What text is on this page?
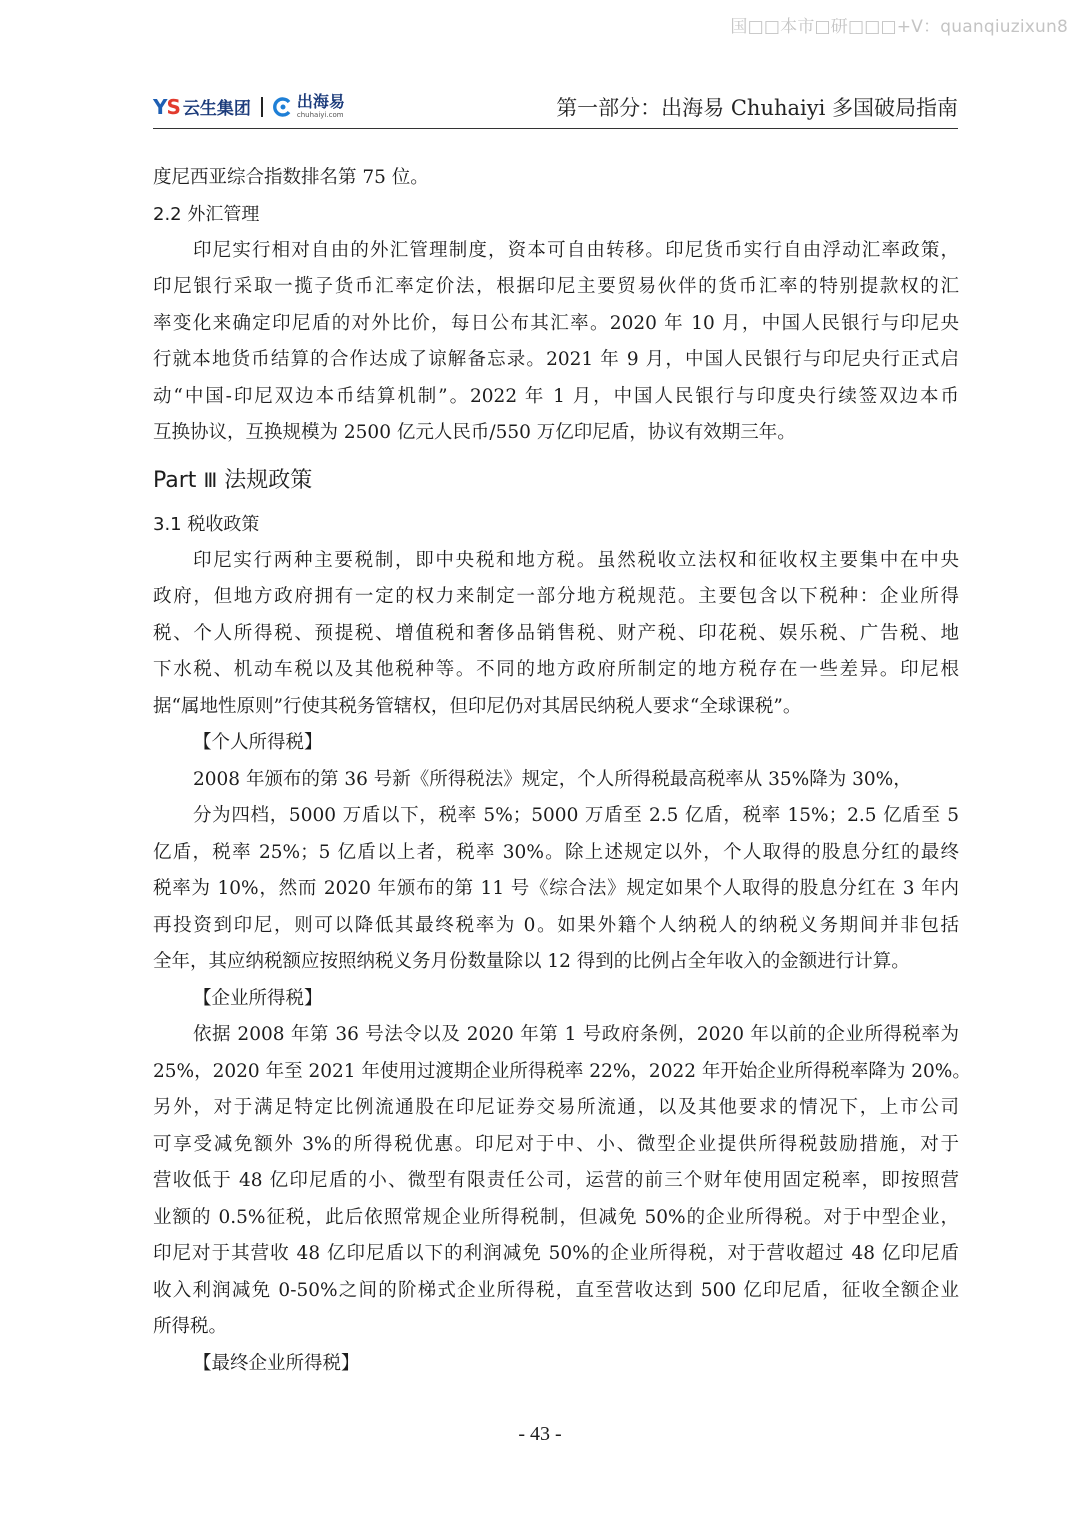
国□□本市□研□□□+V：quanqiuzixun8
YS 云生集团	出海易
chuhaiyi.com	第一部分：出海易 Chuhaiyi 多国破局指南

度尼西亚综合指数排名第 75 位。

2.2 外汇管理

印尼实行相对自由的外汇管理制度，资本可自由转移。印尼货币实行自由浮动汇率政策，

印尼银行采取一揽子货币汇率定价法，根据印尼主要贸易伙伴的货币汇率的特别提款权的汇

率变化来确定印尼盾的对外比价，每日公布其汇率。2020 年 10 月，中国人民银行与印尼央

行就本地货币结算的合作达成了谅解备忘录。2021 年 9 月，中国人民银行与印尼央行正式启

动“中国-印尼双边本币结算机制”。2022 年 1 月，中国人民银行与印度央行续签双边本币

互换协议，互换规模为 2500 亿元人民币/550 万亿印尼盾，协议有效期三年。

Part Ⅲ 法规政策

3.1 税收政策

印尼实行两种主要税制，即中央税和地方税。虽然税收立法权和征收权主要集中在中央

政府，但地方政府拥有一定的权力来制定一部分地方税规范。主要包含以下税种：企业所得

税、个人所得税、预提税、增值税和奢侈品销售税、财产税、印花税、娱乐税、广告税、地

下水税、机动车税以及其他税种等。不同的地方政府所制定的地方税存在一些差异。印尼根

据“属地性原则”行使其税务管辖权，但印尼仍对其居民纳税人要求“全球课税”。

【个人所得税】

2008 年颁布的第 36 号新《所得税法》规定，个人所得税最高税率从 35%降为 30%，

分为四档，5000 万盾以下，税率 5%；5000 万盾至 2.5 亿盾，税率 15%；2.5 亿盾至 5

亿盾，税率 25%；5 亿盾以上者，税率 30%。除上述规定以外，个人取得的股息分红的最终

税率为 10%，然而 2020 年颁布的第 11 号《综合法》规定如果个人取得的股息分红在 3 年内

再投资到印尼，则可以降低其最终税率为 0。如果外籍个人纳税人的纳税义务期间并非包括

全年，其应纳税额应按照纳税义务月份数量除以 12 得到的比例占全年收入的金额进行计算。

【企业所得税】

依据 2008 年第 36 号法令以及 2020 年第 1 号政府条例，2020 年以前的企业所得税率为

25%，2020 年至 2021 年使用过渡期企业所得税率 22%，2022 年开始企业所得税率降为 20%。

另外，对于满足特定比例流通股在印尼证券交易所流通，以及其他要求的情况下，上市公司

可享受减免额外 3%的所得税优惠。印尼对于中、小、微型企业提供所得税鼓励措施，对于

营收低于 48 亿印尼盾的小、微型有限责任公司，运营的前三个财年使用固定税率，即按照营

业额的 0.5%征税，此后依照常规企业所得税制，但减免 50%的企业所得税。对于中型企业，

印尼对于其营收 48 亿印尼盾以下的利润减免 50%的企业所得税，对于营收超过 48 亿印尼盾

收入利润减免 0-50%之间的阶梯式企业所得税，直至营收达到 500 亿印尼盾，征收全额企业

所得税。

【最终企业所得税】

- 43 -
